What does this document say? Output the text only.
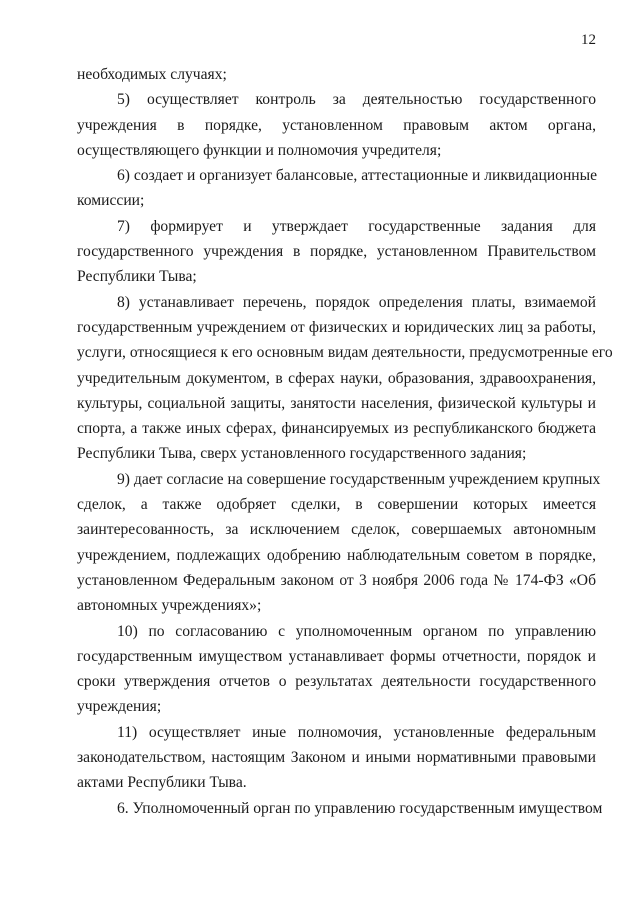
12

необходимых случаях;

5) осуществляет контроль за деятельностью государственного
учреждения в порядке, установленном правовым актом органа,
осуществляющего функции и полномочия учредителя;

6) создает и организует балансовые, аттестационные и ликвидационные
комиссии;

7) формирует и утверждает государственные задания для
государственного учреждения в порядке, установленном Правительством
Республики Тыва;

8) устанавливает перечень, порядок определения платы, взимаемой
государственным учреждением от физических и юридических лиц за работы,
услуги, относящиеся к его основным видам деятельности, предусмотренные его
учредительным документом, в сферах науки, образования, здравоохранения,
культуры, социальной защиты, занятости населения, физической культуры и
спорта, а также иных сферах, финансируемых из республиканского бюджета
Республики Тыва, сверх установленного государственного задания;

9) дает согласие на совершение государственным учреждением крупных
сделок, а также одобряет сделки, в совершении которых имеется
заинтересованность, за исключением сделок, совершаемых автономным
учреждением, подлежащих одобрению наблюдательным советом в порядке,
установленном Федеральным законом от 3 ноября 2006 года № 174-ФЗ «Об
автономных учреждениях»;

10) по согласованию с уполномоченным органом по управлению
государственным имуществом устанавливает формы отчетности, порядок и
сроки утверждения отчетов о результатах деятельности государственного
учреждения;

11) осуществляет иные полномочия, установленные федеральным
законодательством, настоящим Законом и иными нормативными правовыми
актами Республики Тыва.

6. Уполномоченный орган по управлению государственным имуществом
